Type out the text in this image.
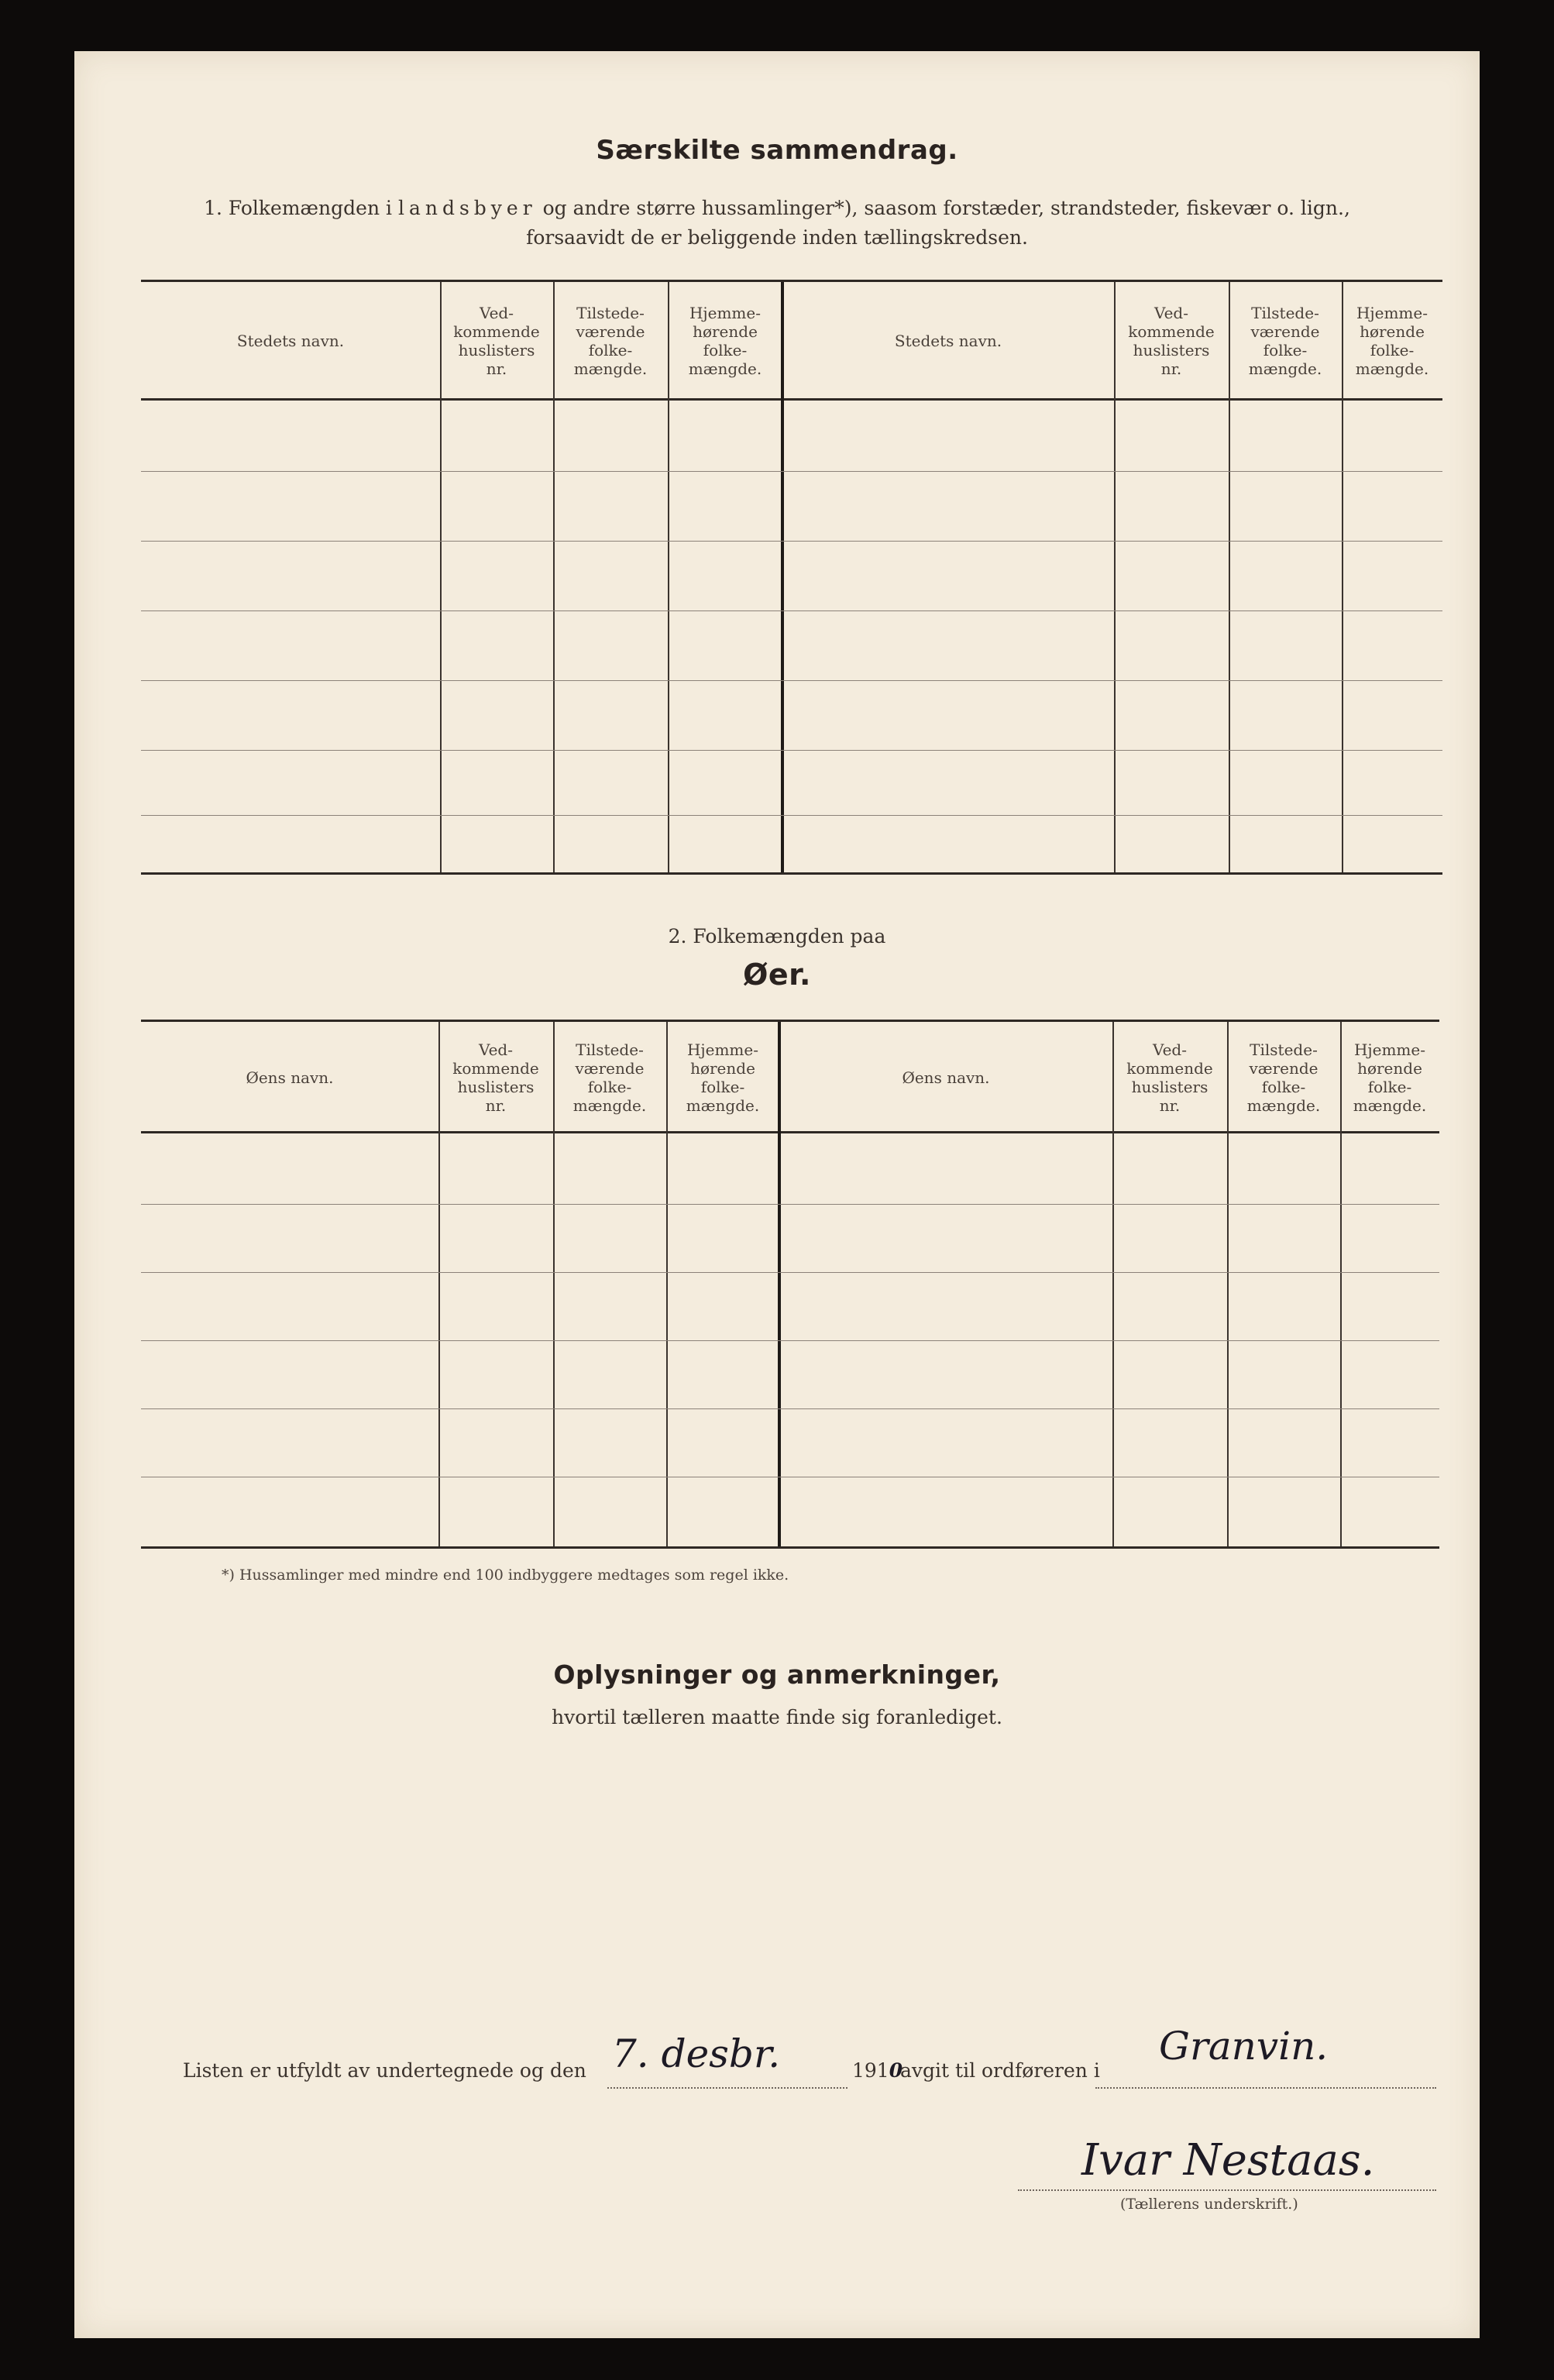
Særskilte sammendrag.
1. Folkemængden i landsbyer og andre større hussamlinger*), saasom forstæder, strandsteder, fiskevær o. lign.,
forsaavidt de er beliggende inden tællingskredsen.
Stedets navn.
Ved-
kommende
huslisters
nr.
Tilstede-
værende
folke-
mængde.
Hjemme-
hørende
folke-
mængde.
Stedets navn.
Ved-
kommende
huslisters
nr.
Tilstede-
værende
folke-
mængde.
Hjemme-
hørende
folke-
mængde.
2. Folkemængden paa
Øer.
Øens navn.
Ved-
kommende
huslisters
nr.
Tilstede-
værende
folke-
mængde.
Hjemme-
hørende
folke-
mængde.
Øens navn.
Ved-
kommende
huslisters
nr.
Tilstede-
værende
folke-
mængde.
Hjemme-
hørende
folke-
mængde.
*) Hussamlinger med mindre end 100 indbyggere medtages som regel ikke.
Oplysninger og anmerkninger,
hvortil tælleren maatte finde sig foranlediget.
Listen er utfyldt av undertegnede og den 7. desbr.	1910
avgit til ordføreren i
Granvin.
Ivar Nestaas.
(Tællerens underskrift.)
